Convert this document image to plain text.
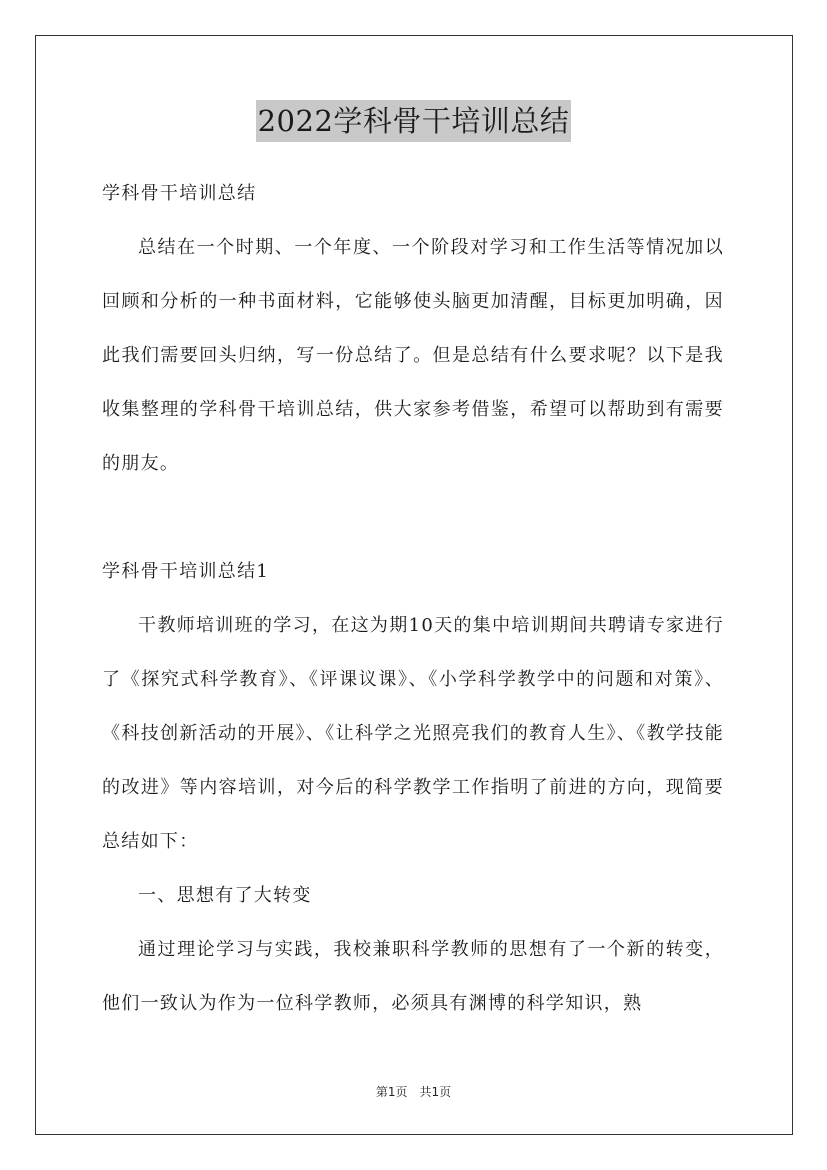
2022学科骨干培训总结

学科骨干培训总结

总结在一个时期、一个年度、一个阶段对学习和工作生活等情况加以回顾和分析的一种书面材料，它能够使头脑更加清醒，目标更加明确，因此我们需要回头归纳，写一份总结了。但是总结有什么要求呢？以下是我收集整理的学科骨干培训总结，供大家参考借鉴，希望可以帮助到有需要的朋友。

学科骨干培训总结1

干教师培训班的学习，在这为期10天的集中培训期间共聘请专家进行了《探究式科学教育》、《评课议课》、《小学科学教学中的问题和对策》、《科技创新活动的开展》、《让科学之光照亮我们的教育人生》、《教学技能的改进》等内容培训，对今后的科学教学工作指明了前进的方向，现简要总结如下：

一、思想有了大转变

通过理论学习与实践，我校兼职科学教师的思想有了一个新的转变，他们一致认为作为一位科学教师，必须具有渊博的科学知识，熟

第1页　共1页
